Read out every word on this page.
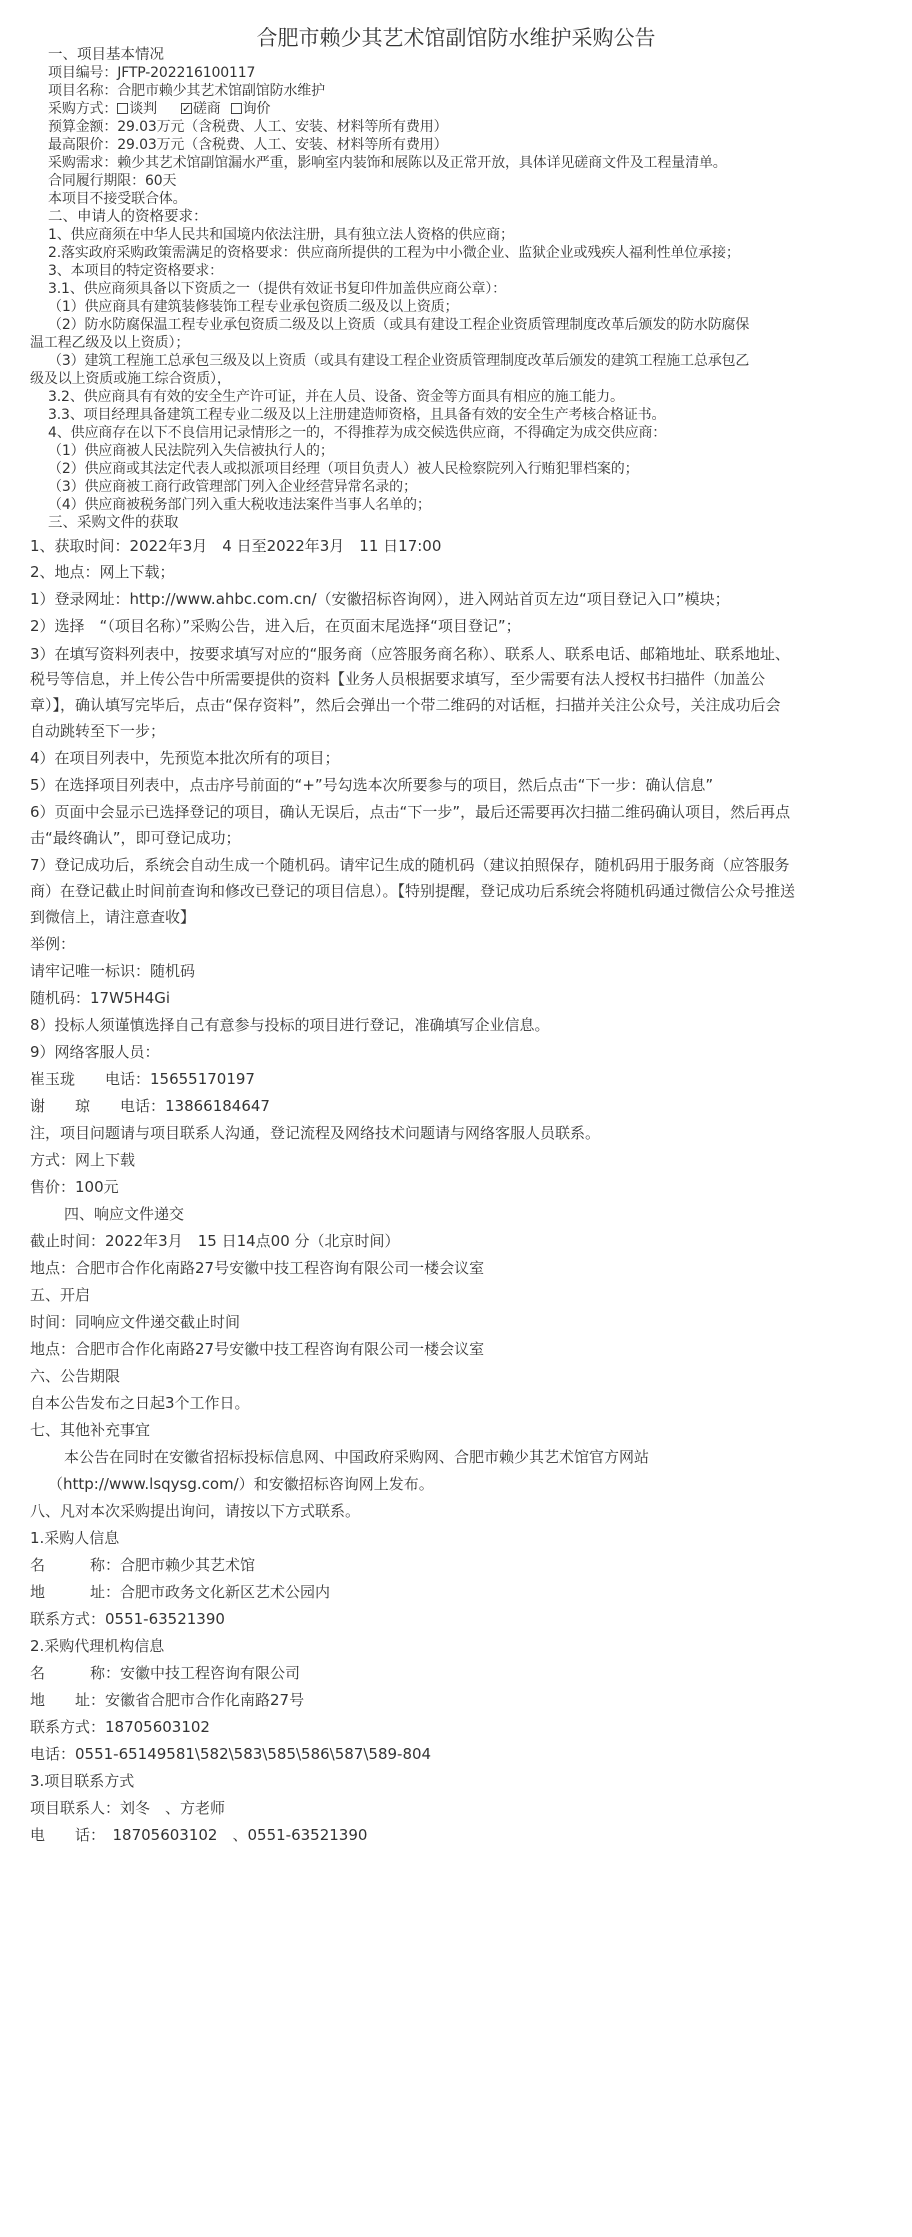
合肥市赖少其艺术馆副馆防水维护采购公告

一、项目基本情况

项目编号：JFTP-202216100117

项目名称：合肥市赖少其艺术馆副馆防水维护

采购方式： 谈判✓	磋商 询价

预算金额：29.03万元（含税费、人工、安装、材料等所有费用）

最高限价：29.03万元（含税费、人工、安装、材料等所有费用）

采购需求：赖少其艺术馆副馆漏水严重，影响室内装饰和展陈以及正常开放，具体详见磋商文件及工程量清单。

合同履行期限：60天

本项目不接受联合体。

二、申请人的资格要求：

1、供应商须在中华人民共和国境内依法注册，具有独立法人资格的供应商；

2.落实政府采购政策需满足的资格要求：供应商所提供的工程为中小微企业、监狱企业或残疾人福利性单位承接；

3、本项目的特定资格要求：

3.1、供应商须具备以下资质之一（提供有效证书复印件加盖供应商公章）：

（1）供应商具有建筑装修装饰工程专业承包资质二级及以上资质；

（2）防水防腐保温工程专业承包资质二级及以上资质（或具有建设工程企业资质管理制度改革后颁发的防水防腐保

温工程乙级及以上资质）；

（3）建筑工程施工总承包三级及以上资质（或具有建设工程企业资质管理制度改革后颁发的建筑工程施工总承包乙

级及以上资质或施工综合资质），

3.2、供应商具有有效的安全生产许可证，并在人员、设备、资金等方面具有相应的施工能力。

3.3、项目经理具备建筑工程专业二级及以上注册建造师资格，且具备有效的安全生产考核合格证书。

4、供应商存在以下不良信用记录情形之一的，不得推荐为成交候选供应商，不得确定为成交供应商：

（1）供应商被人民法院列入失信被执行人的；

（2）供应商或其法定代表人或拟派项目经理（项目负责人）被人民检察院列入行贿犯罪档案的；

（3）供应商被工商行政管理部门列入企业经营异常名录的；

（4）供应商被税务部门列入重大税收违法案件当事人名单的；

三、采购文件的获取

1、获取时间：2022年3月　4 日至2022年3月　11 日17:00

2、地点：网上下载；

1）登录网址：http://www.ahbc.com.cn/（安徽招标咨询网），进入网站首页左边“项目登记入口”模块；

2）选择　“（项目名称）”采购公告，进入后，在页面末尾选择“项目登记”；

3）在填写资料列表中，按要求填写对应的“服务商（应答服务商名称）、联系人、联系电话、邮箱地址、联系地址、

税号等信息，并上传公告中所需要提供的资料【业务人员根据要求填写，至少需要有法人授权书扫描件（加盖公

章）】，确认填写完毕后，点击“保存资料”，然后会弹出一个带二维码的对话框，扫描并关注公众号，关注成功后会

自动跳转至下一步；

4）在项目列表中，先预览本批次所有的项目；

5）在选择项目列表中，点击序号前面的“+”号勾选本次所要参与的项目，然后点击“下一步：确认信息”

6）页面中会显示已选择登记的项目，确认无误后，点击“下一步”，最后还需要再次扫描二维码确认项目，然后再点

击“最终确认”，即可登记成功；

7）登记成功后，系统会自动生成一个随机码。请牢记生成的随机码（建议拍照保存，随机码用于服务商（应答服务

商）在登记截止时间前查询和修改已登记的项目信息）。【特别提醒，登记成功后系统会将随机码通过微信公众号推送

到微信上，请注意查收】

举例：

请牢记唯一标识：随机码

随机码：17W5H4Gi

8）投标人须谨慎选择自己有意参与投标的项目进行登记，准确填写企业信息。

9）网络客服人员：

崔玉珑　　电话：15655170197

谢　　琼　　电话：13866184647

注，项目问题请与项目联系人沟通，登记流程及网络技术问题请与网络客服人员联系。

方式：网上下载

售价：100元

四、响应文件递交

截止时间：2022年3月　15 日14点00 分（北京时间）

地点：合肥市合作化南路27号安徽中技工程咨询有限公司一楼会议室

五、开启

时间：同响应文件递交截止时间

地点：合肥市合作化南路27号安徽中技工程咨询有限公司一楼会议室

六、公告期限

自本公告发布之日起3个工作日。

七、其他补充事宜

本公告在同时在安徽省招标投标信息网、中国政府采购网、合肥市赖少其艺术馆官方网站

（http://www.lsqysg.com/）和安徽招标咨询网上发布。

八、凡对本次采购提出询问，请按以下方式联系。

1.采购人信息

名　　　称：合肥市赖少其艺术馆

地　　　址：合肥市政务文化新区艺术公园内

联系方式：0551-63521390

2.采购代理机构信息

名　　　称：安徽中技工程咨询有限公司

地　　址：安徽省合肥市合作化南路27号

联系方式：18705603102

电话：0551-65149581\582\583\585\586\587\589-804

3.项目联系方式

项目联系人：刘冬　、方老师

电　　话：　18705603102　、0551-63521390
